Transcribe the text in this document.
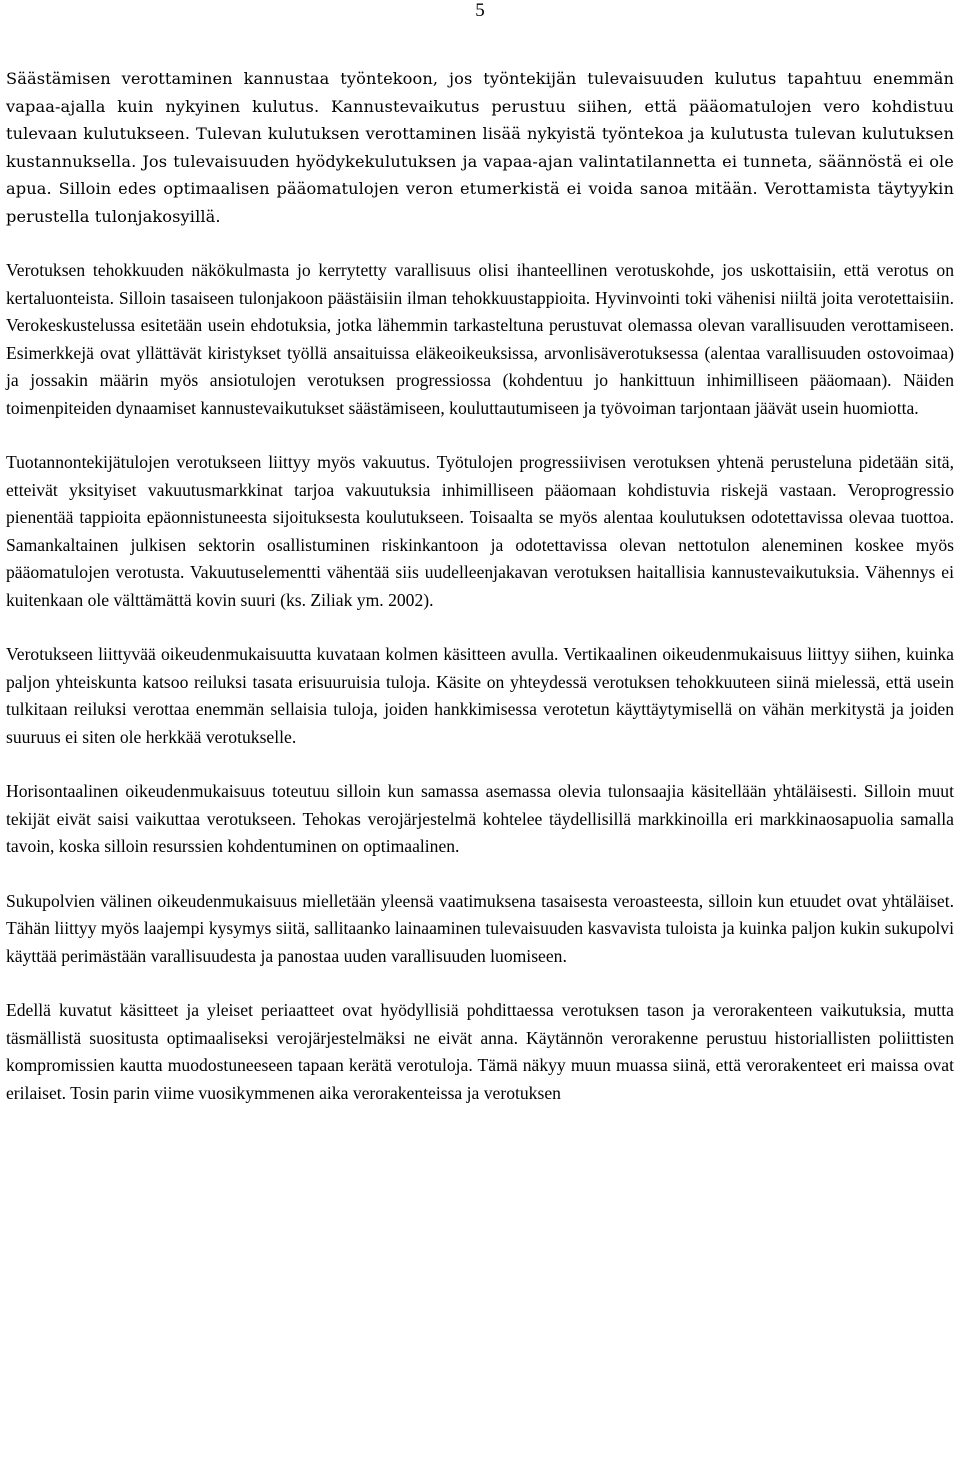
5

Säästämisen verottaminen kannustaa työntekoon, jos työntekijän tulevaisuuden kulutus tapahtuu enemmän vapaa-ajalla kuin nykyinen kulutus. Kannustevaikutus perustuu siihen, että pääomatulojen vero kohdistuu tulevaan kulutukseen. Tulevan kulutuksen verottaminen lisää nykyistä työntekoa ja kulutusta tulevan kulutuksen kustannuksella. Jos tulevaisuuden hyödykekulutuksen ja vapaa-ajan valintatilannetta ei tunneta, säännöstä ei ole apua. Silloin edes optimaalisen pääomatulojen veron etumerkistä ei voida sanoa mitään. Verottamista täytyykin perustella tulonjakosyillä.

Verotuksen tehokkuuden näkökulmasta jo kerrytetty varallisuus olisi ihanteellinen verotuskohde, jos uskottaisiin, että verotus on kertaluonteista. Silloin tasaiseen tulonjakoon päästäisiin ilman tehokkuustappioita. Hyvinvointi toki vähenisi niiltä joita verotettaisiin. Verokeskustelussa esitetään usein ehdotuksia, jotka lähemmin tarkasteltuna perustuvat olemassa olevan varallisuuden verottamiseen. Esimerkkejä ovat yllättävät kiristykset työllä ansaituissa eläkeoikeuksissa, arvonlisäverotuksessa (alentaa varallisuuden ostovoimaa) ja jossakin määrin myös ansiotulojen verotuksen progressiossa (kohdentuu jo hankittuun inhimilliseen pääomaan). Näiden toimenpiteiden dynaamiset kannustevaikutukset säästämiseen, kouluttautumiseen ja työvoiman tarjontaan jäävät usein huomiotta.

Tuotannontekijätulojen verotukseen liittyy myös vakuutus. Työtulojen progressiivisen verotuksen yhtenä perusteluna pidetään sitä, etteivät yksityiset vakuutusmarkkinat tarjoa vakuutuksia inhimilliseen pääomaan kohdistuvia riskejä vastaan. Veroprogressio pienentää tappioita epäonnistuneesta sijoituksesta koulutukseen. Toisaalta se myös alentaa koulutuksen odotettavissa olevaa tuottoa. Samankaltainen julkisen sektorin osallistuminen riskinkantoon ja odotettavissa olevan nettotulon aleneminen koskee myös pääomatulojen verotusta. Vakuutuselementti vähentää siis uudelleenjakavan verotuksen haitallisia kannustevaikutuksia. Vähennys ei kuitenkaan ole välttämättä kovin suuri (ks. Ziliak ym. 2002).

Verotukseen liittyvää oikeudenmukaisuutta kuvataan kolmen käsitteen avulla. Vertikaalinen oikeudenmukaisuus liittyy siihen, kuinka paljon yhteiskunta katsoo reiluksi tasata erisuuruisia tuloja. Käsite on yhteydessä verotuksen tehokkuuteen siinä mielessä, että usein tulkitaan reiluksi verottaa enemmän sellaisia tuloja, joiden hankkimisessa verotetun käyttäytymisellä on vähän merkitystä ja joiden suuruus ei siten ole herkkää verotukselle.

Horisontaalinen oikeudenmukaisuus toteutuu silloin kun samassa asemassa olevia tulonsaajia käsitellään yhtäläisesti. Silloin muut tekijät eivät saisi vaikuttaa verotukseen. Tehokas verojärjestelmä kohtelee täydellisillä markkinoilla eri markkinaosapuolia samalla tavoin, koska silloin resurssien kohdentuminen on optimaalinen.

Sukupolvien välinen oikeudenmukaisuus mielletään yleensä vaatimuksena tasaisesta veroasteesta, silloin kun etuudet ovat yhtäläiset. Tähän liittyy myös laajempi kysymys siitä, sallitaanko lainaaminen tulevaisuuden kasvavista tuloista ja kuinka paljon kukin sukupolvi käyttää perimästään varallisuudesta ja panostaa uuden varallisuuden luomiseen.

Edellä kuvatut käsitteet ja yleiset periaatteet ovat hyödyllisiä pohdittaessa verotuksen tason ja verorakenteen vaikutuksia, mutta täsmällistä suositusta optimaaliseksi verojärjestelmäksi ne eivät anna. Käytännön verorakenne perustuu historiallisten poliittisten kompromissien kautta muodostuneeseen tapaan kerätä verotuloja. Tämä näkyy muun muassa siinä, että verorakenteet eri maissa ovat erilaiset. Tosin parin viime vuosikymmenen aika verorakenteissa ja verotuksen
